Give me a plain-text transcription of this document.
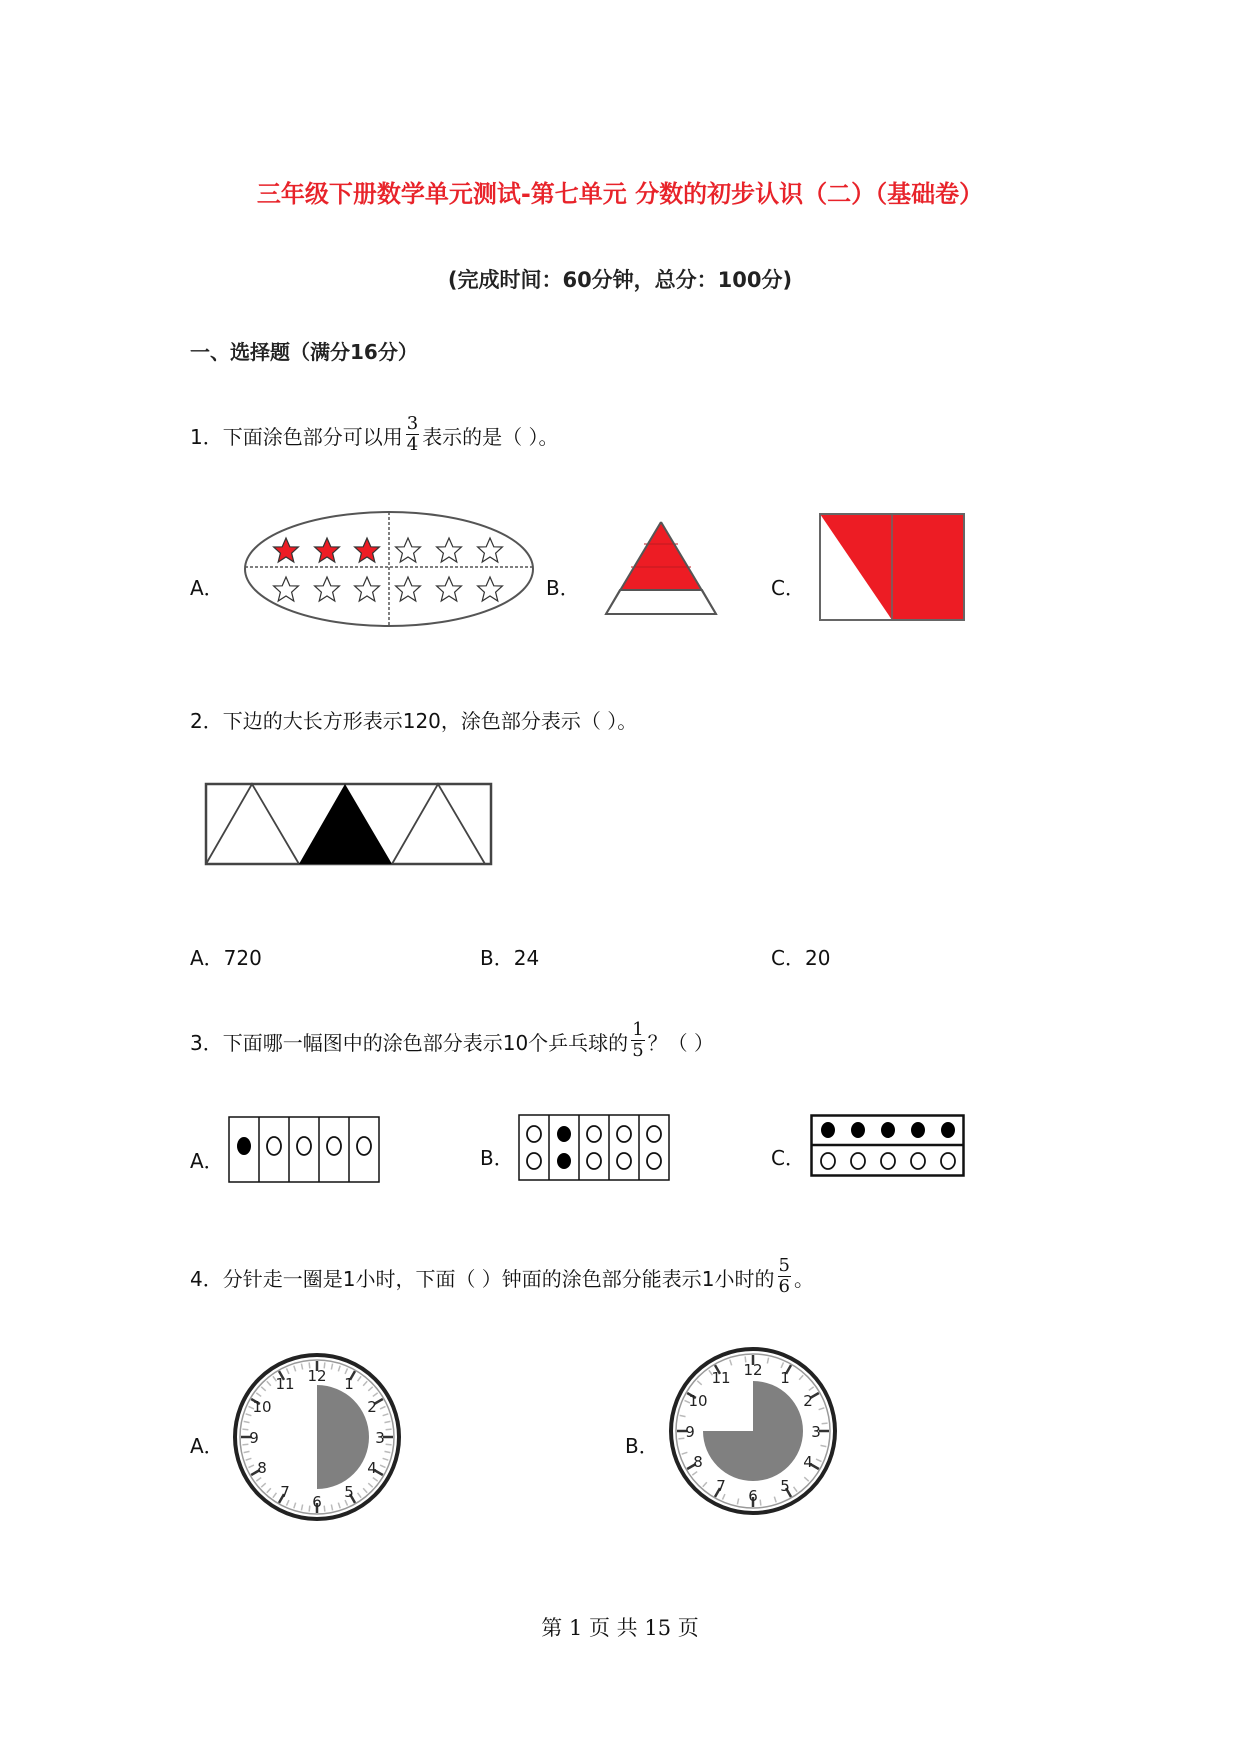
三年级下册数学单元测试-第七单元 分数的初步认识（二）（基础卷）
(完成时间：60分钟，总分：100分)
一、选择题（满分16分）
1．下面涂色部分可以用 $\frac{3}{4}$ 表示的是（ ）。
A．	B．	C．
2．下边的大长方形表示120，涂色部分表示（ ）。
A．720	B．24	C．20
3．下面哪一幅图中的涂色部分表示10个乒乓球的 $\frac{1}{5}$ ？（ ）
A．	B．	C．
4．分针走一圈是1小时，下面（ ）钟面的涂色部分能表示1小时的 $\frac{5}{6}$ 。
A．
12 1
2
3
4
5
6
7
8
9
10
11
B．
12 1
2
3
4
5
6
7
8
9
10
11
第 1 页 共 15 页
